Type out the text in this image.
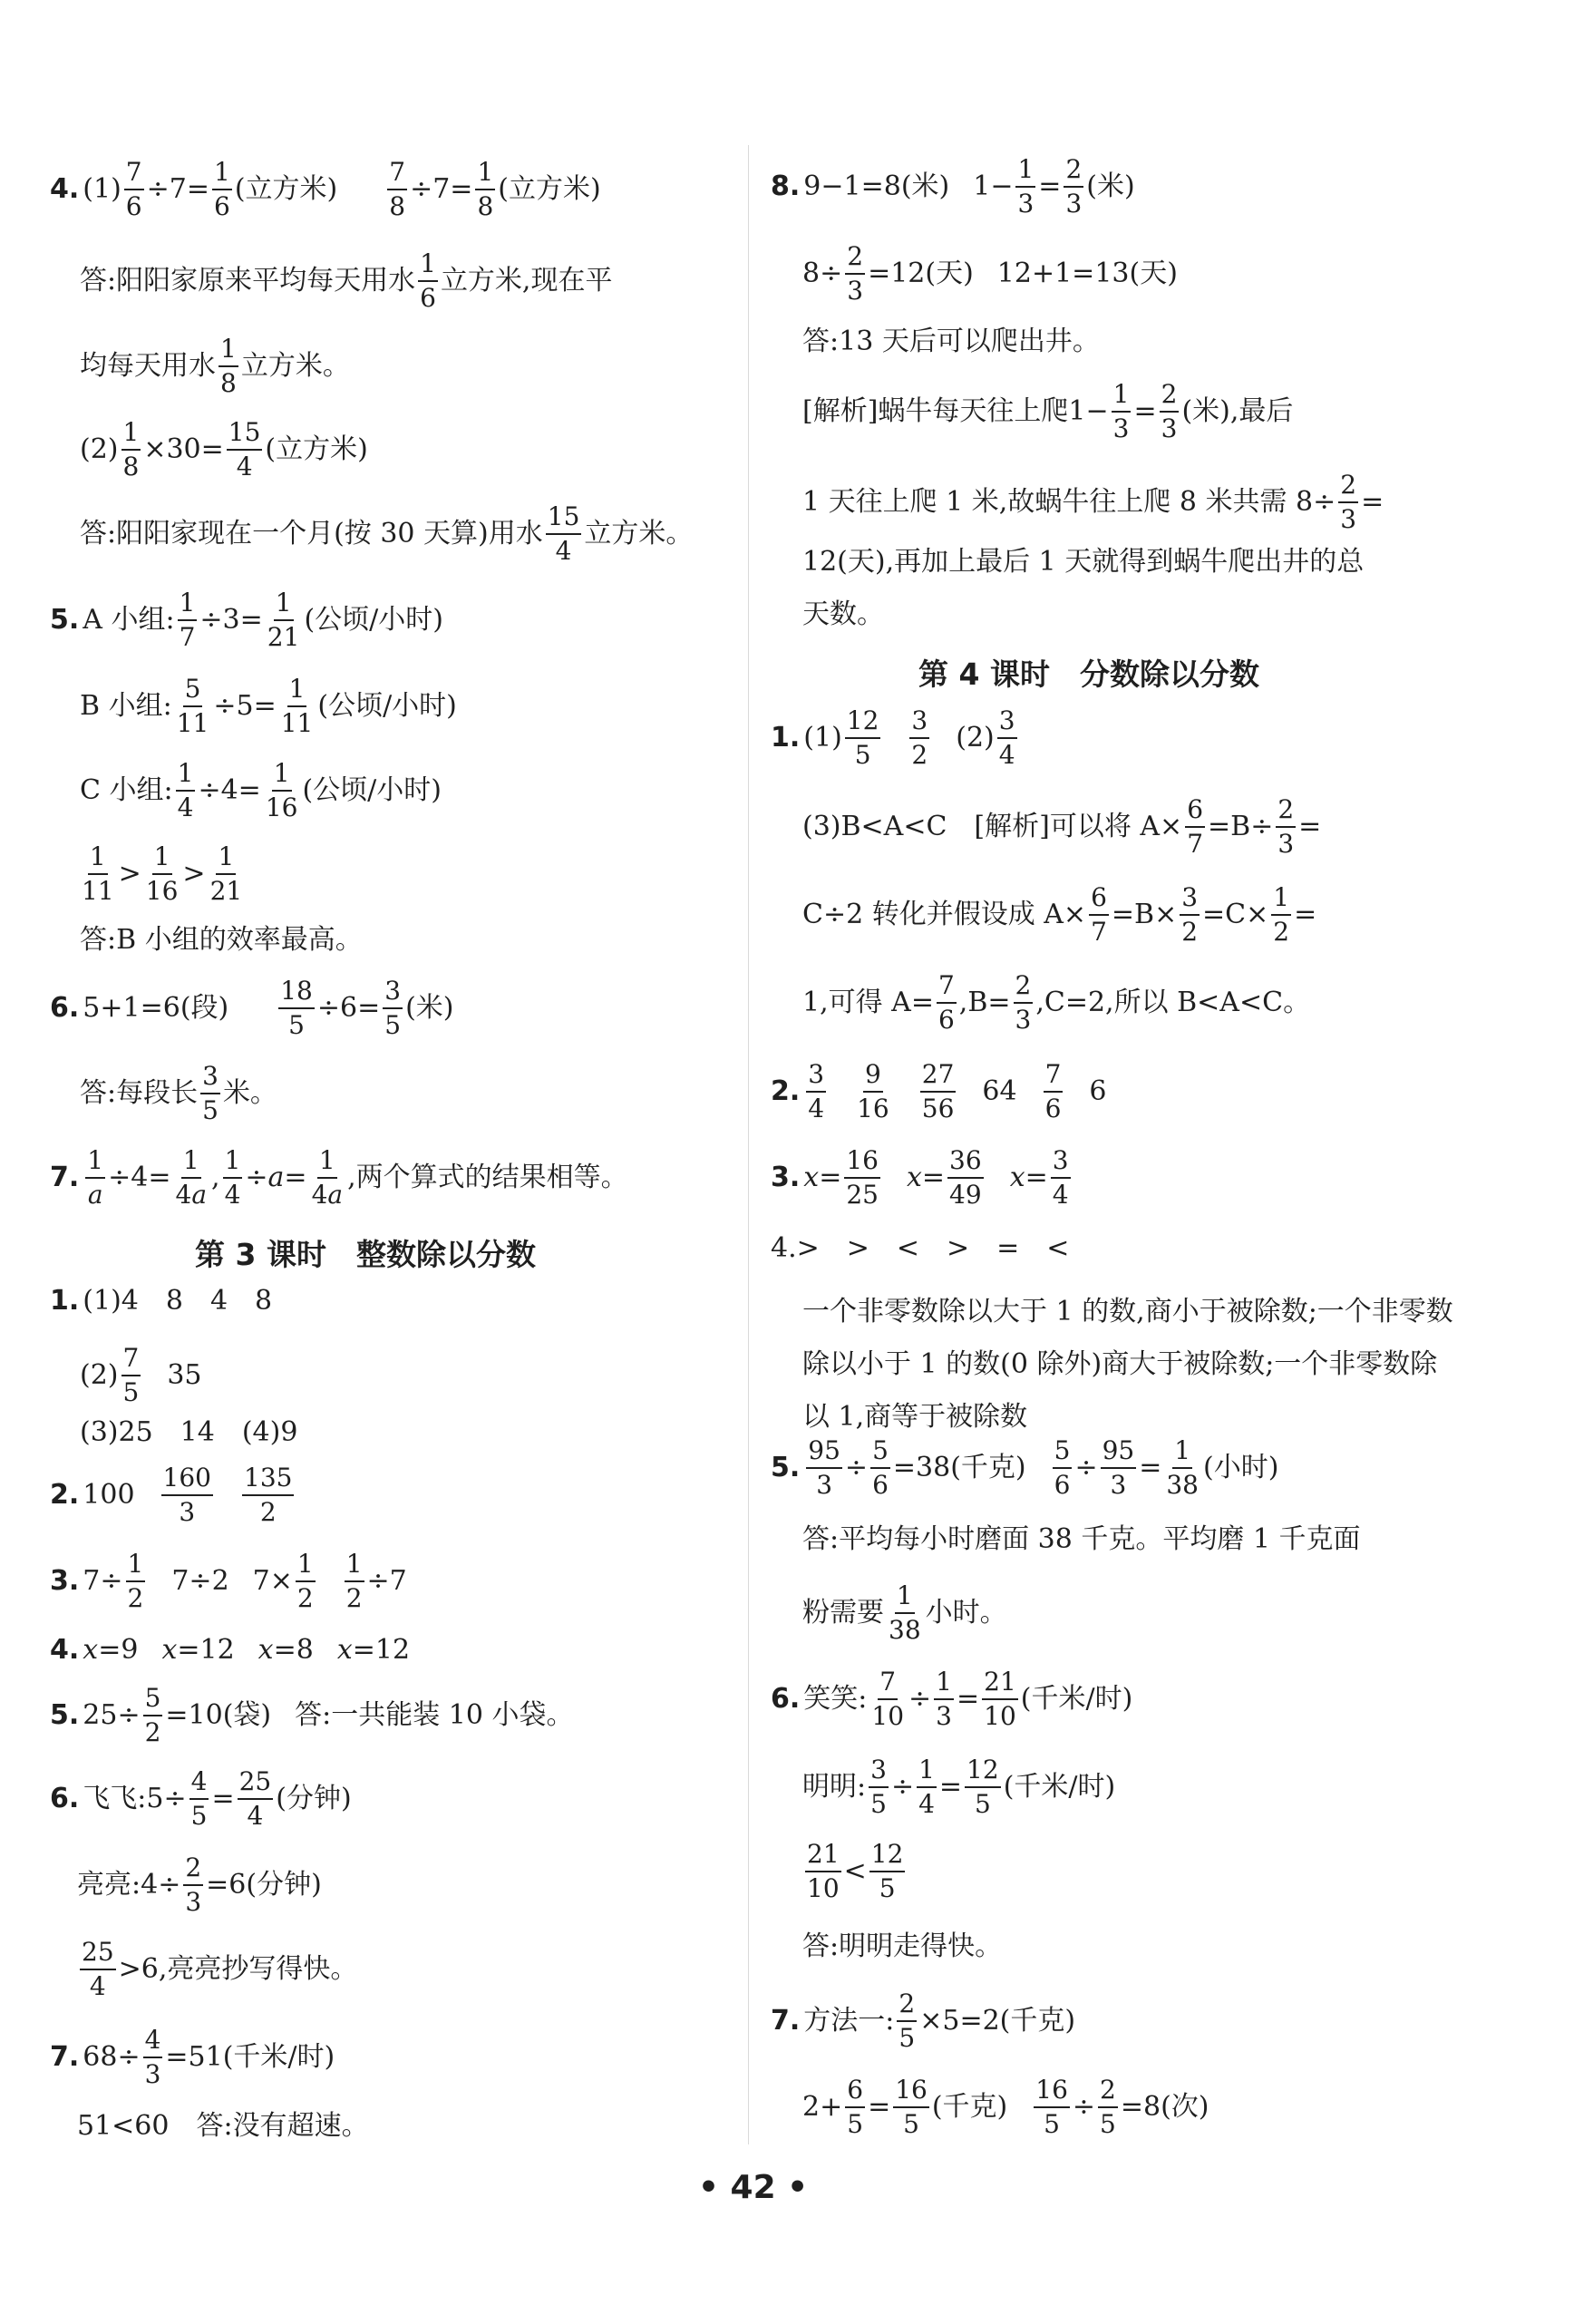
4. $(1) \frac{7}{6} \div 7= \frac{1}{6}$ (立方米) $\frac{7}{8} \div 7= \frac{1}{8}$ (立方米)
答:阳阳家原来平均每天用水 $\frac{1}{6}$ 立方米,现在平
均每天用水 $\frac{1}{8}$ 立方米。
$(2) \frac{1}{8} \times 30= \frac{15}{4}$ (立方米)
答:阳阳家现在一个月(按 30 天算)用水 $\frac{15}{4}$ 立方米。
5. A 小组 : $\frac{1}{7} \div 3= \frac{1}{21}$ (公顷/小时)
B 小组 : $\frac{5}{11} \div 5= \frac{1}{11}$ (公顷/小时)
C 小组 : $\frac{1}{4} \div 4= \frac{1}{16}$ (公顷/小时)
$\frac{1}{11} > \frac{1}{16} > \frac{1}{21}$
答:B 小组的效率最高。
6. 5+1=6(段) $\frac{18}{5} \div 6= \frac{3}{5}$ (米)
答:每段长 $\frac{3}{5}$ 米。
7. $\frac{1}{a} \div 4= \frac{1}{4a}$ , $\frac{1}{4} \div a = \frac{1}{4a}$ ,两个算式的结果相等。
第 3 课时　整数除以分数
1. (1)4　8　4　8
$(2) \frac{7}{5} 35$
(3)25　14　(4)9
2. $100 \frac{160}{3} \frac{135}{2}$
3. $7\div \frac{1}{2} 7\div 2$ $7\times \frac{1}{2} \frac{1}{2} \div 7$
4. x=9 x=12 x=8 x=12
5. $25\div \frac{5}{2} =10$(袋) 答:一共能装 10 小袋。
6. 飞飞 :5÷ $\frac{4}{5} = \frac{25}{4}$ (分钟)
亮亮 :4÷ $\frac{2}{3} =6$(分钟)
$\frac{25}{4} >6$,亮亮抄写得快。
7. $68\div \frac{4}{3} =51$(千米/时)
51<60　答:没有超速。
8. 9−1=8(米) $1- \frac{1}{3} = \frac{2}{3}$ (米)
$8\div \frac{2}{3} =12$(天) 12+1=13(天)
答:13 天后可以爬出井。
[解析]蜗牛每天往上爬 $1- \frac{1}{3} = \frac{2}{3}$ (米),最后
1 天往上爬 1 米,故蜗牛往上爬 8 米共需 $8\div \frac{2}{3}$ =
12(天),再加上最后 1 天就得到蜗牛爬出井的总
天数。
第 4 课时　分数除以分数
1. $(1) \frac{12}{5} \frac{3}{2} (2) \frac{3}{4}$
(3)B<A<C　[解析]可以将 $A\times \frac{6}{7} =B\div \frac{2}{3}$ =
C÷2 转化并假设成 $A\times \frac{6}{7} =B\times \frac{3}{2} =C\times \frac{1}{2}$ =
1,可得 $A= \frac{7}{6} ,B= \frac{2}{3} ,C=2$,所以 B<A<C。
2. $\frac{3}{4} \frac{9}{16} \frac{27}{56} 64 \frac{7}{6} 6$
3. $x = \frac{16}{25}$ $x = \frac{36}{49}$ $x = \frac{3}{4}$
4.>　>　<　>　=　<
一个非零数除以大于 1 的数,商小于被除数;一个非零数除以小于 1 的数(0 除外)商大于被除数;一个非零数除以 1,商等于被除数
5. $\frac{95}{3} \div \frac{5}{6} =38$(千克) $\frac{5}{6} \div \frac{95}{3} = \frac{1}{38}$ (小时)
答:平均每小时磨面 38 千克。平均磨 1 千克面
粉需要 $\frac{1}{38}$ 小时。
6. 笑笑 : $\frac{7}{10} \div \frac{1}{3} = \frac{21}{10}$ (千米/时)
明明 : $\frac{3}{5} \div \frac{1}{4} = \frac{12}{5}$ (千米/时)
$\frac{21}{10} < \frac{12}{5}$
答:明明走得快。
7. 方法一: $\frac{2}{5} \times 5=2$(千克)
$2+ \frac{6}{5} = \frac{16}{5}$ (千克) $\frac{16}{5} \div \frac{2}{5} =8$(次)
• 42 •
